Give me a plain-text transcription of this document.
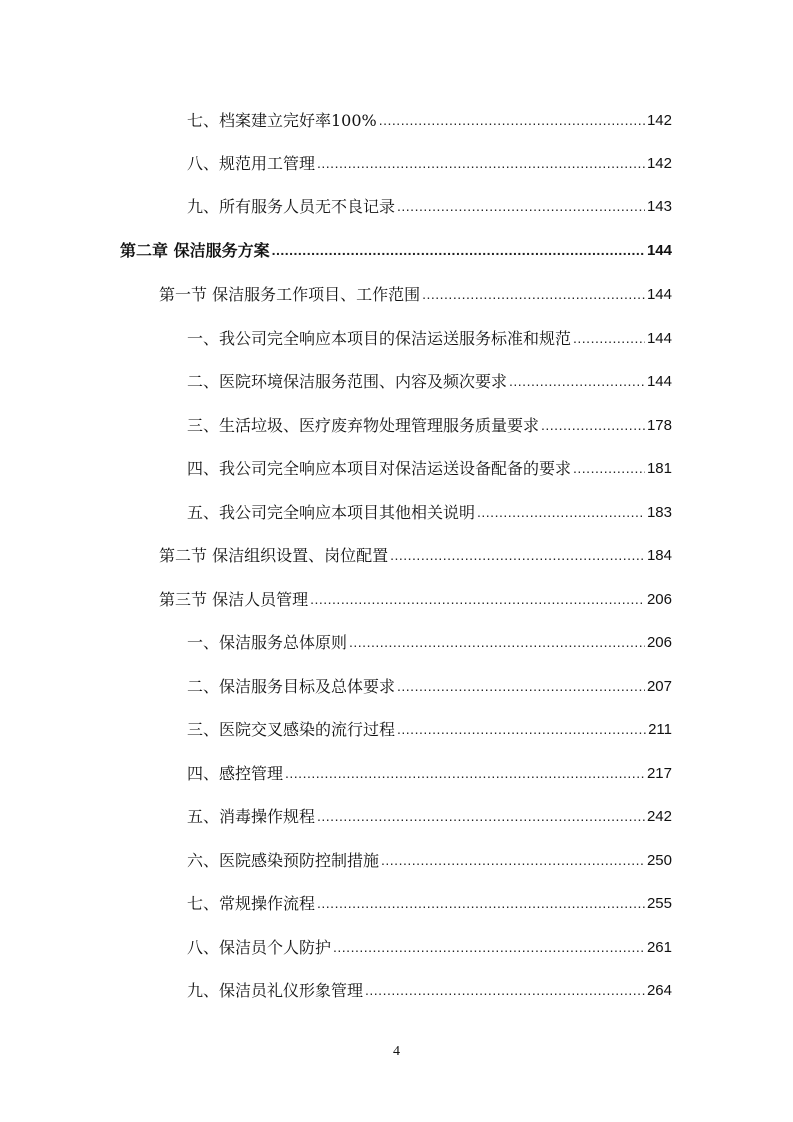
七、档案建立完好率100% .....	142
八、规范用工管理 .....	142
九、所有服务人员无不良记录 .....	143
第二章 保洁服务方案 .....	144
第一节 保洁服务工作项目、工作范围 .....	144
一、我公司完全响应本项目的保洁运送服务标准和规范 .....	144
二、医院环境保洁服务范围、内容及频次要求 .....	144
三、生活垃圾、医疗废弃物处理管理服务质量要求 .....	178
四、我公司完全响应本项目对保洁运送设备配备的要求 .....	181
五、我公司完全响应本项目其他相关说明 .....	183
第二节 保洁组织设置、岗位配置 .....	184
第三节 保洁人员管理 .....	206
一、保洁服务总体原则 .....	206
二、保洁服务目标及总体要求 .....	207
三、医院交叉感染的流行过程 .....	211
四、感控管理 .....	217
五、消毒操作规程 .....	242
六、医院感染预防控制措施 .....	250
七、常规操作流程 .....	255
八、保洁员个人防护 .....	261
九、保洁员礼仪形象管理 .....	264
4
